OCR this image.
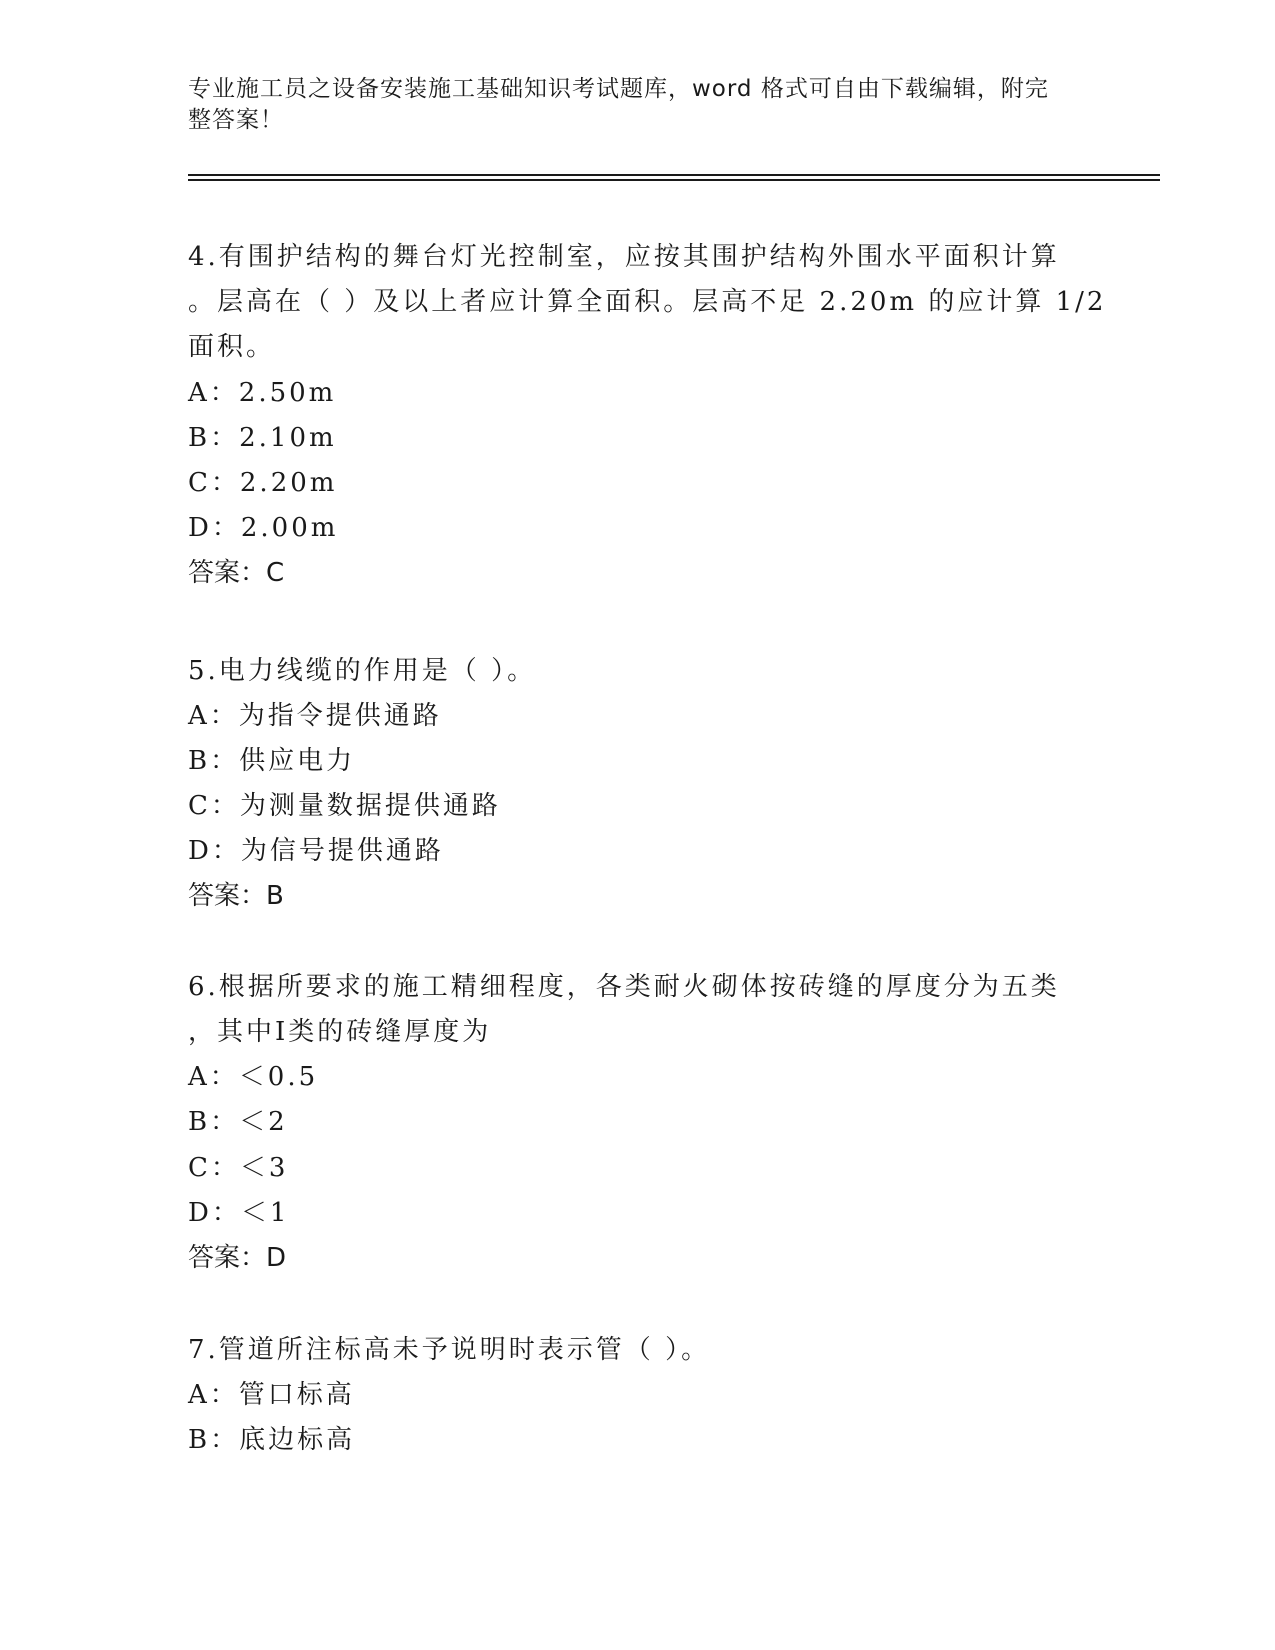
专业施工员之设备安装施工基础知识考试题库，word 格式可自由下载编辑，附完
整答案！
4.有围护结构的舞台灯光控制室，应按其围护结构外围水平面积计算
。层高在（ ）及以上者应计算全面积。层高不足 2.20m 的应计算 1/2
面积。
A：2.50m
B：2.10m
C：2.20m
D：2.00m
答案：C
5.电力线缆的作用是（ ）。
A：为指令提供通路
B：供应电力
C：为测量数据提供通路
D：为信号提供通路
答案：B
6.根据所要求的施工精细程度，各类耐火砌体按砖缝的厚度分为五类
，其中Ⅰ类的砖缝厚度为
A：＜0.5
B：＜2
C：＜3
D：＜1
答案：D
7.管道所注标高未予说明时表示管（ ）。
A：管口标高
B：底边标高
